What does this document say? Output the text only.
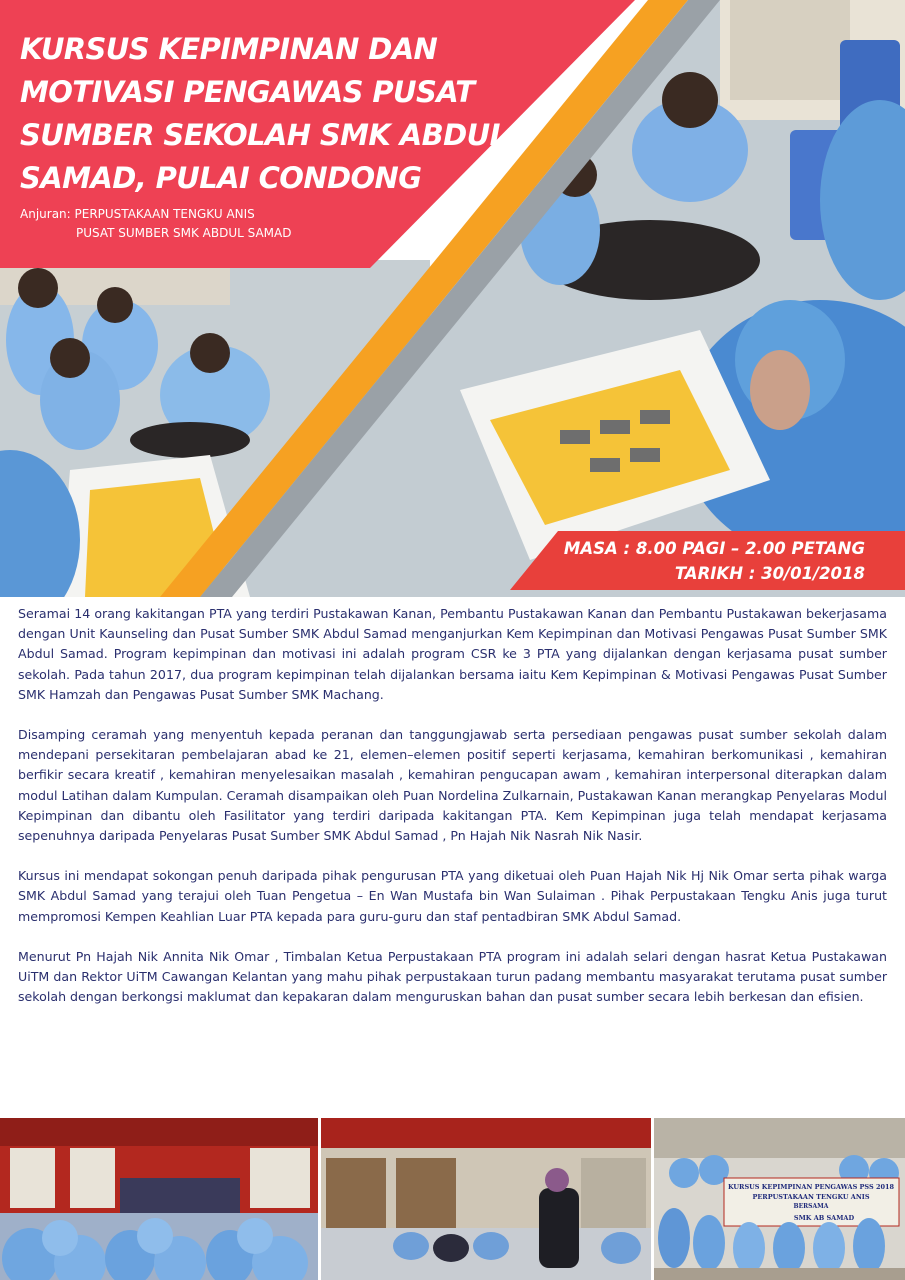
KURSUS KEPIMPINAN DAN MOTIVASI PENGAWAS PUSAT SUMBER SEKOLAH SMK ABDUL SAMAD, PULAI CONDONG
Anjuran: PERPUSTAKAAN TENGKU ANIS
PUSAT SUMBER SMK ABDUL SAMAD
MASA : 8.00 PAGI – 2.00 PETANG
TARIKH : 30/01/2018

Seramai 14 orang kakitangan PTA yang terdiri Pustakawan Kanan, Pembantu Pustakawan Kanan dan Pembantu Pustakawan bekerjasama dengan Unit Kaunseling dan Pusat Sumber SMK Abdul Samad menganjurkan Kem Kepimpinan dan Motivasi Pengawas Pusat Sumber SMK Abdul Samad. Program kepimpinan dan motivasi ini adalah program CSR ke 3 PTA yang dijalankan dengan kerjasama pusat sumber sekolah. Pada tahun 2017, dua program kepimpinan telah dijalankan bersama iaitu Kem Kepimpinan & Motivasi Pengawas Pusat Sumber SMK Hamzah dan Pengawas Pusat Sumber SMK Machang.

Disamping ceramah yang menyentuh kepada peranan dan tanggungjawab serta persediaan pengawas pusat sumber sekolah dalam mendepani persekitaran pembelajaran abad ke 21, elemen–elemen positif seperti kerjasama, kemahiran berkomunikasi , kemahiran berfikir secara kreatif , kemahiran menyelesaikan masalah , kemahiran pengucapan awam , kemahiran interpersonal diterapkan dalam modul Latihan dalam Kumpulan. Ceramah disampaikan oleh Puan Nordelina Zulkarnain, Pustakawan Kanan merangkap Penyelaras Modul Kepimpinan dan dibantu oleh Fasilitator yang terdiri daripada kakitangan PTA. Kem Kepimpinan juga telah mendapat kerjasama sepenuhnya daripada Penyelaras Pusat Sumber SMK Abdul Samad , Pn Hajah Nik Nasrah Nik Nasir.

Kursus ini mendapat sokongan penuh daripada pihak pengurusan PTA yang diketuai oleh Puan Hajah Nik Hj Nik Omar serta pihak warga SMK Abdul Samad yang terajui oleh Tuan Pengetua – En Wan Mustafa bin Wan Sulaiman . Pihak Perpustakaan Tengku Anis juga turut mempromosi Kempen Keahlian Luar PTA kepada para guru-guru dan staf pentadbiran SMK Abdul Samad.

Menurut Pn Hajah Nik Annita Nik Omar , Timbalan Ketua Perpustakaan PTA program ini adalah selari dengan hasrat Ketua Pustakawan UiTM dan Rektor UiTM Cawangan Kelantan yang mahu pihak perpustakaan turun padang membantu masyarakat terutama pusat sumber sekolah dengan berkongsi maklumat dan kepakaran dalam menguruskan bahan dan pusat sumber secara lebih berkesan dan efisien.

KURSUS KEPIMPINAN PENGAWAS PSS 2018
PERPUSTAKAAN TENGKU ANIS
BERSAMA
SMK AB SAMAD
